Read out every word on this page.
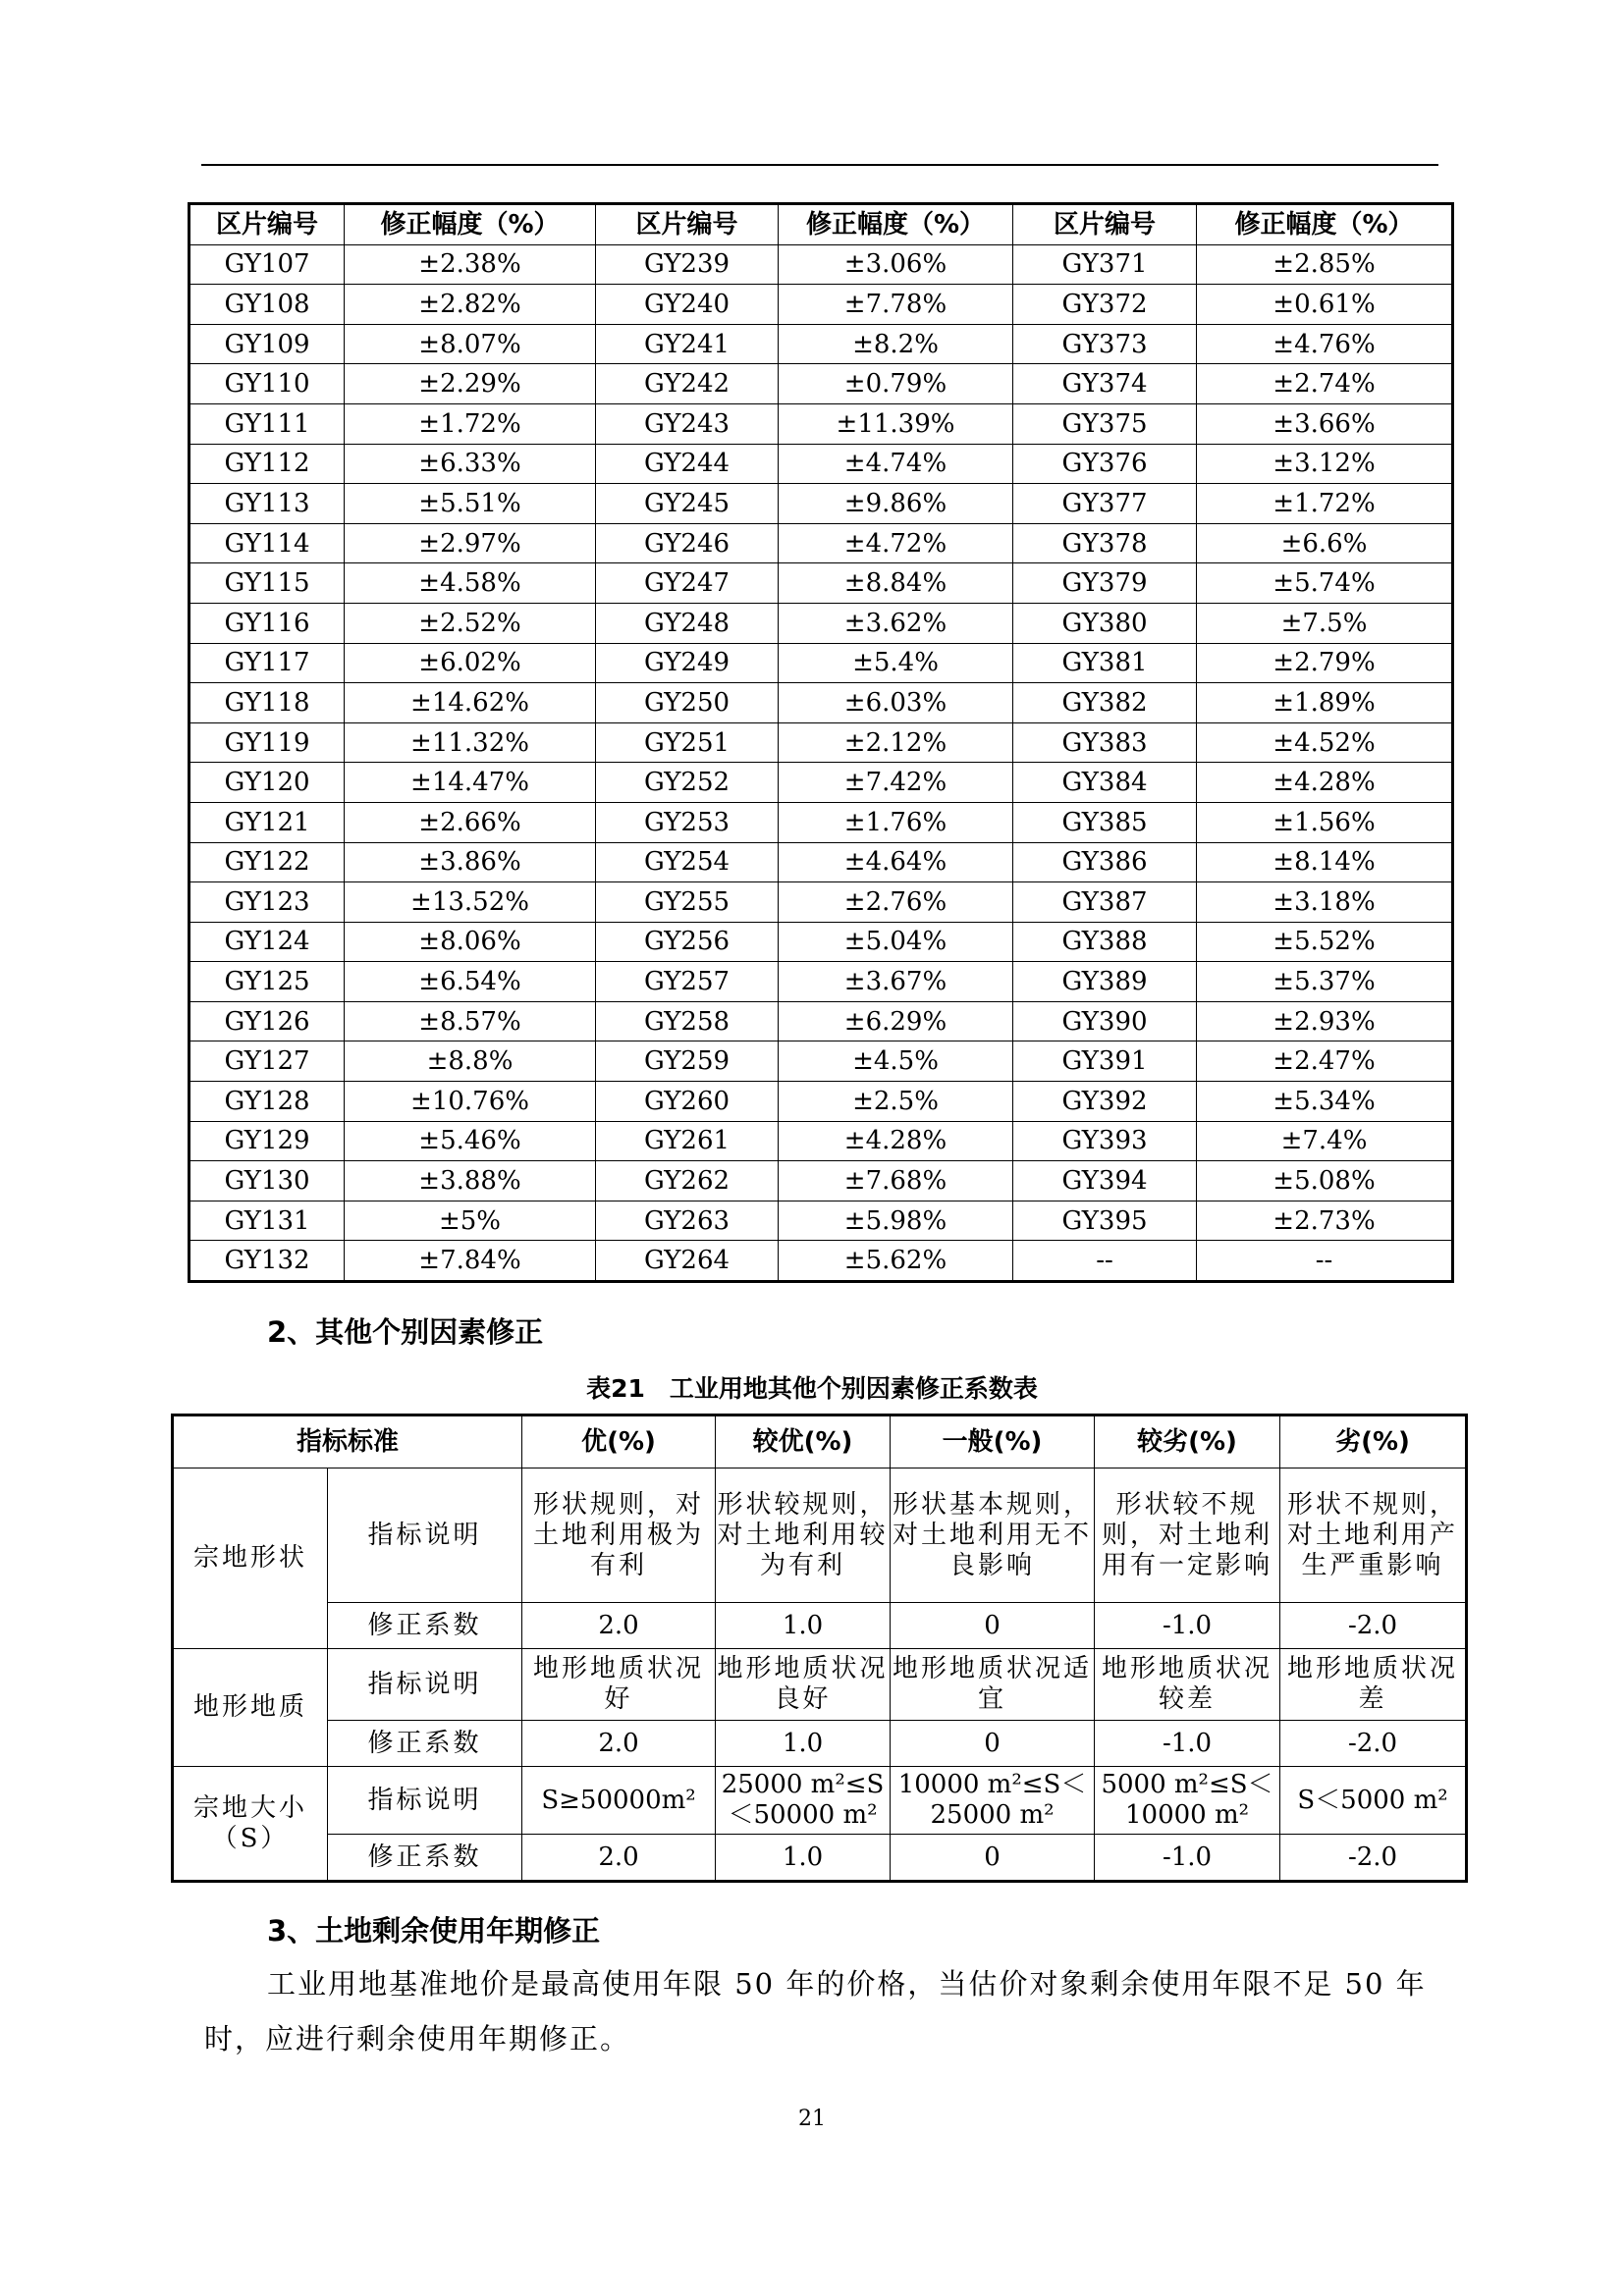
区片编号	修正幅度（%）	区片编号	修正幅度（%）	区片编号	修正幅度（%）
GY107	±2.38%	GY239	±3.06%	GY371	±2.85%
GY108	±2.82%	GY240	±7.78%	GY372	±0.61%
GY109	±8.07%	GY241	±8.2%	GY373	±4.76%
GY110	±2.29%	GY242	±0.79%	GY374	±2.74%
GY111	±1.72%	GY243	±11.39%	GY375	±3.66%
GY112	±6.33%	GY244	±4.74%	GY376	±3.12%
GY113	±5.51%	GY245	±9.86%	GY377	±1.72%
GY114	±2.97%	GY246	±4.72%	GY378	±6.6%
GY115	±4.58%	GY247	±8.84%	GY379	±5.74%
GY116	±2.52%	GY248	±3.62%	GY380	±7.5%
GY117	±6.02%	GY249	±5.4%	GY381	±2.79%
GY118	±14.62%	GY250	±6.03%	GY382	±1.89%
GY119	±11.32%	GY251	±2.12%	GY383	±4.52%
GY120	±14.47%	GY252	±7.42%	GY384	±4.28%
GY121	±2.66%	GY253	±1.76%	GY385	±1.56%
GY122	±3.86%	GY254	±4.64%	GY386	±8.14%
GY123	±13.52%	GY255	±2.76%	GY387	±3.18%
GY124	±8.06%	GY256	±5.04%	GY388	±5.52%
GY125	±6.54%	GY257	±3.67%	GY389	±5.37%
GY126	±8.57%	GY258	±6.29%	GY390	±2.93%
GY127	±8.8%	GY259	±4.5%	GY391	±2.47%
GY128	±10.76%	GY260	±2.5%	GY392	±5.34%
GY129	±5.46%	GY261	±4.28%	GY393	±7.4%
GY130	±3.88%	GY262	±7.68%	GY394	±5.08%
GY131	±5%	GY263	±5.98%	GY395	±2.73%
GY132	±7.84%	GY264	±5.62%	--	--
2、其他个别因素修正
表21　工业用地其他个别因素修正系数表
指标标准		优(%)	较优(%)	一般(%)	较劣(%)	劣(%)
宗地形状	指标说明	形状规则，对土地利用极为有利	形状较规则，对土地利用较为有利	形状基本规则，对土地利用无不良影响	形状较不规则，对土地利用有一定影响	形状不规则，对土地利用产生严重影响
	修正系数	2.0	1.0	0	-1.0	-2.0
地形地质	指标说明	地形地质状况好	地形地质状况良好	地形地质状况适宜	地形地质状况较差	地形地质状况差
	修正系数	2.0	1.0	0	-1.0	-2.0
宗地大小
（S）	指标说明	S≥50000m²	25000 m²≤S＜50000 m²	10000 m²≤S＜25000 m²	5000 m²≤S＜10000 m²	S＜5000 m²
	修正系数	2.0	1.0	0	-1.0	-2.0
3、土地剩余使用年期修正
工业用地基准地价是最高使用年限 50 年的价格，当估价对象剩余使用年限不足 50 年时，应进行剩余使用年期修正。
21
